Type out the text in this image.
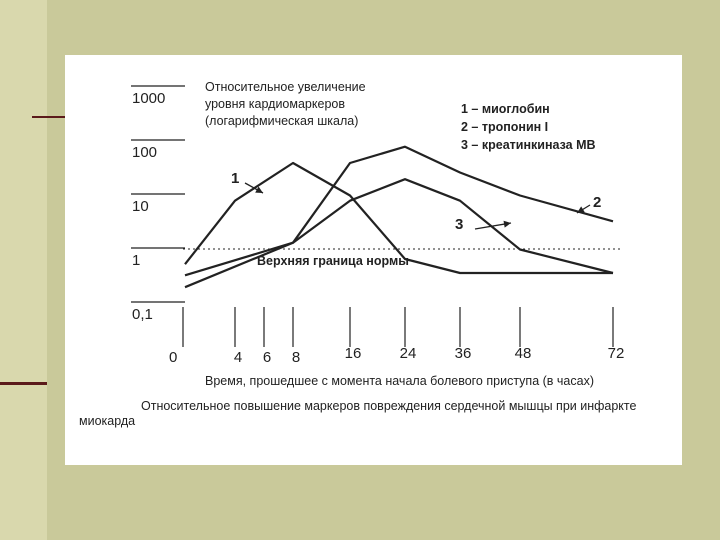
Относительное увеличение
уровня кардиомаркеров
(логарифмическая шкала)
1 – миоглобин
2 – тропонин I
3 – креатинкиназа МВ
1000
100
10
1
0,1
0	4 6 8	16	24	36	48	72
Время, прошедшее с момента начала болевого приступа (в часах)
Верхняя граница нормы
1
2
3
Относительное повышение маркеров повреждения сердечной мышцы при инфаркте
миокарда
